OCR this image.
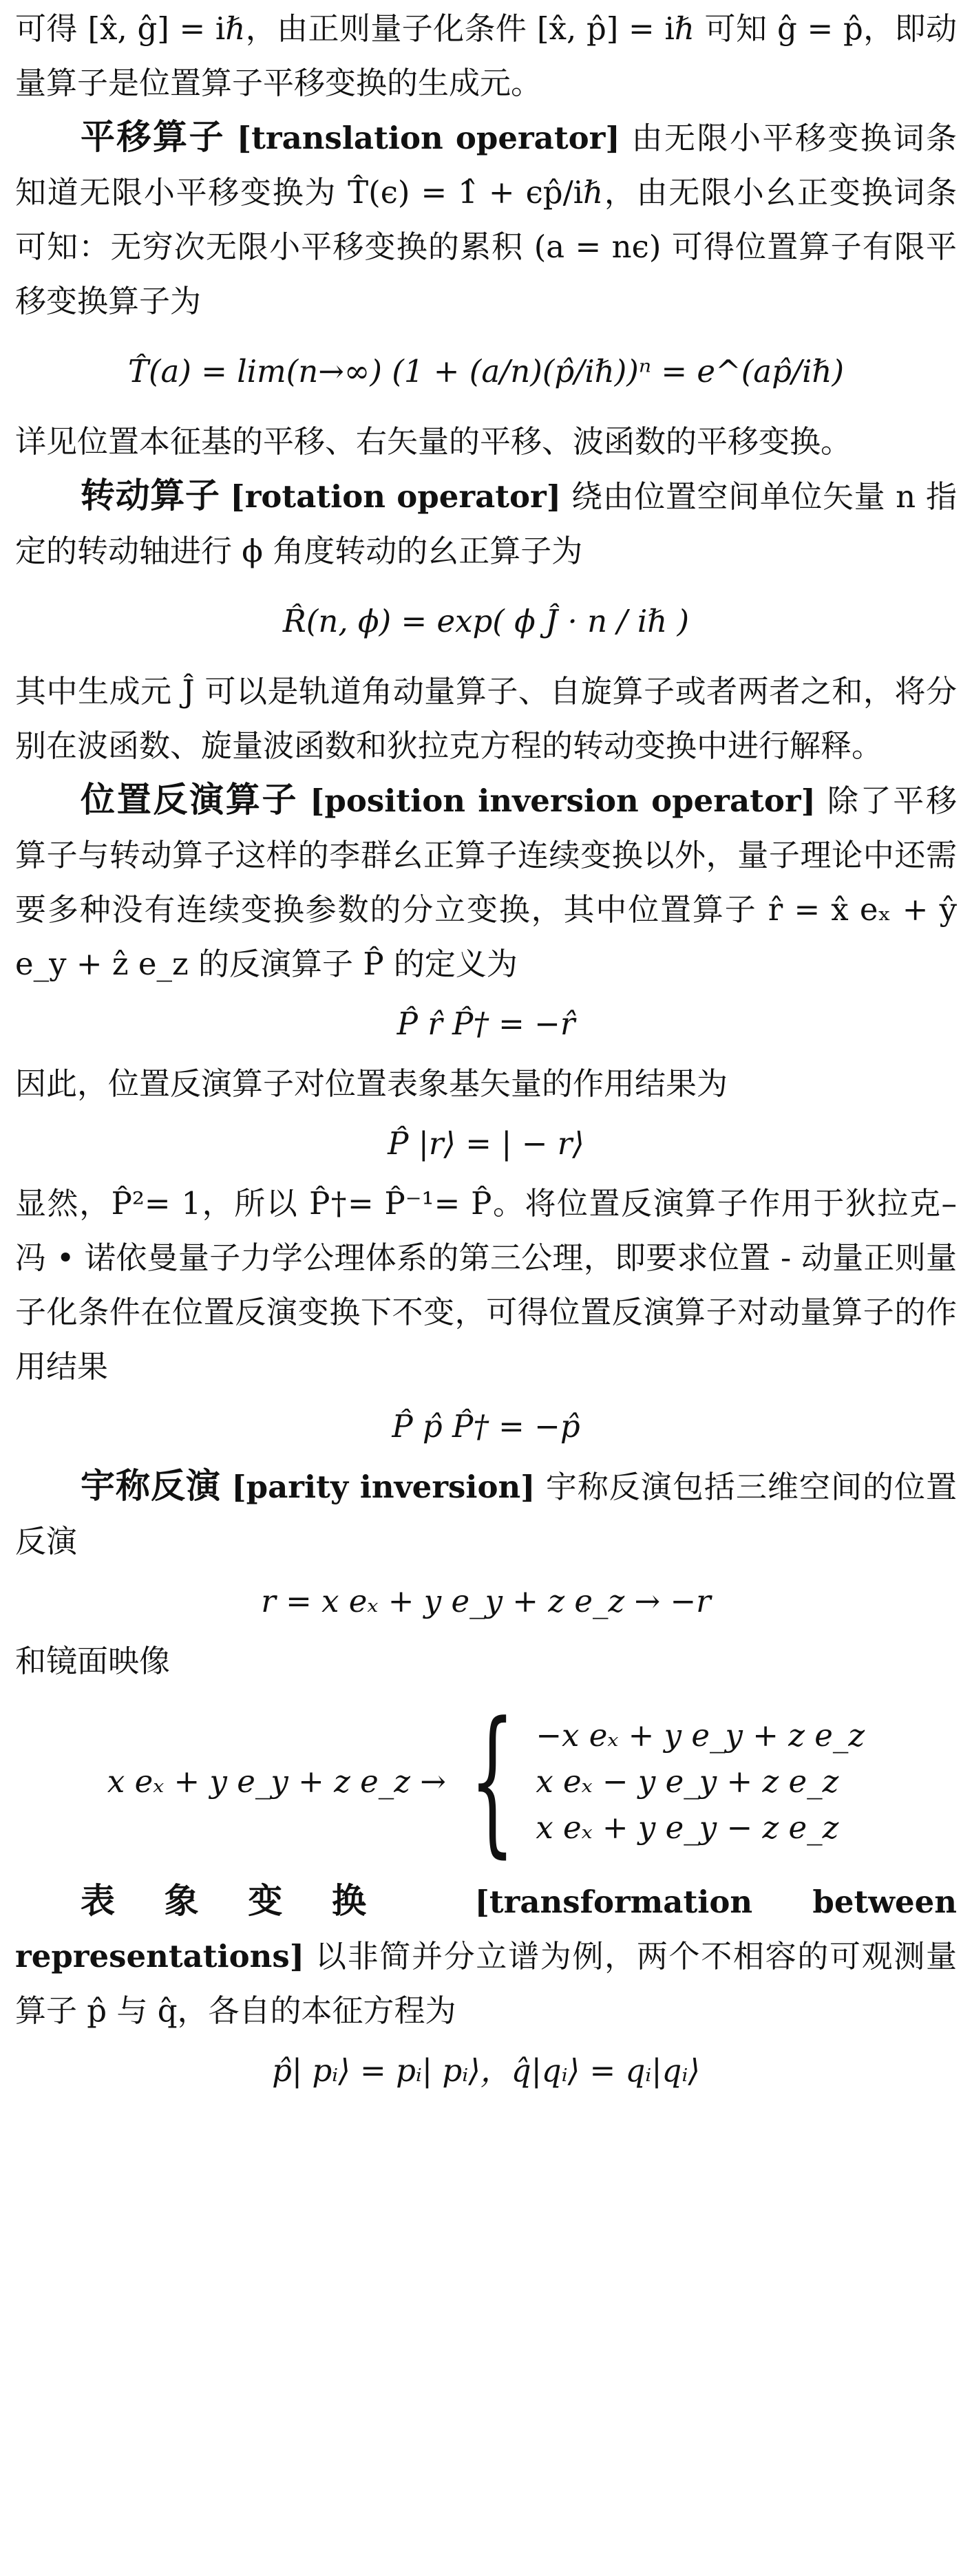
可得 [x̂, ĝ] = iℏ，由正则量子化条件 [x̂, p̂] = iℏ 可知 ĝ = p̂，即动量算子是位置算子平移变换的生成元。

平移算子 [translation operator] 由无限小平移变换词条知道无限小平移变换为 T̂(ϵ) = 1̂ + ϵp̂/iℏ，由无限小幺正变换词条可知：无穷次无限小平移变换的累积 (a = nϵ) 可得位置算子有限平移变换算子为

T̂(a) = lim(n→∞) (1 + (a/n)(p̂/iℏ))ⁿ = e^(ap̂/iℏ)

详见位置本征基的平移、右矢量的平移、波函数的平移变换。

转动算子 [rotation operator] 绕由位置空间单位矢量 n 指定的转动轴进行 ϕ 角度转动的幺正算子为

R̂(n, ϕ) = exp( ϕ Ĵ · n / iℏ )

其中生成元 Ĵ 可以是轨道角动量算子、自旋算子或者两者之和，将分别在波函数、旋量波函数和狄拉克方程的转动变换中进行解释。

位置反演算子 [position inversion operator] 除了平移算子与转动算子这样的李群幺正算子连续变换以外，量子理论中还需要多种没有连续变换参数的分立变换，其中位置算子 r̂ = x̂ eₓ + ŷ e_y + ẑ e_z 的反演算子 P̂ 的定义为

P̂ r̂ P̂† = −r̂

因此，位置反演算子对位置表象基矢量的作用结果为

P̂ |r⟩ = | − r⟩

显然，P̂²= 1，所以 P̂†= P̂⁻¹= P̂。将位置反演算子作用于狄拉克–冯 • 诺依曼量子力学公理体系的第三公理，即要求位置 - 动量正则量子化条件在位置反演变换下不变，可得位置反演算子对动量算子的作用结果

P̂ p̂ P̂† = −p̂

宇称反演 [parity inversion] 宇称反演包括三维空间的位置反演

r = x eₓ + y e_y + z e_z → −r

和镜面映像

x eₓ + y e_y + z e_z → { −x eₓ + y e_y + z e_z
x eₓ − y e_y + z e_z
x eₓ + y e_y − z e_z

表象变换 [transformation between representations] 以非简并分立谱为例，两个不相容的可观测量算子 p̂ 与 q̂，各自的本征方程为

p̂| pᵢ⟩ = pᵢ| pᵢ⟩，q̂|qᵢ⟩ = qᵢ|qᵢ⟩
